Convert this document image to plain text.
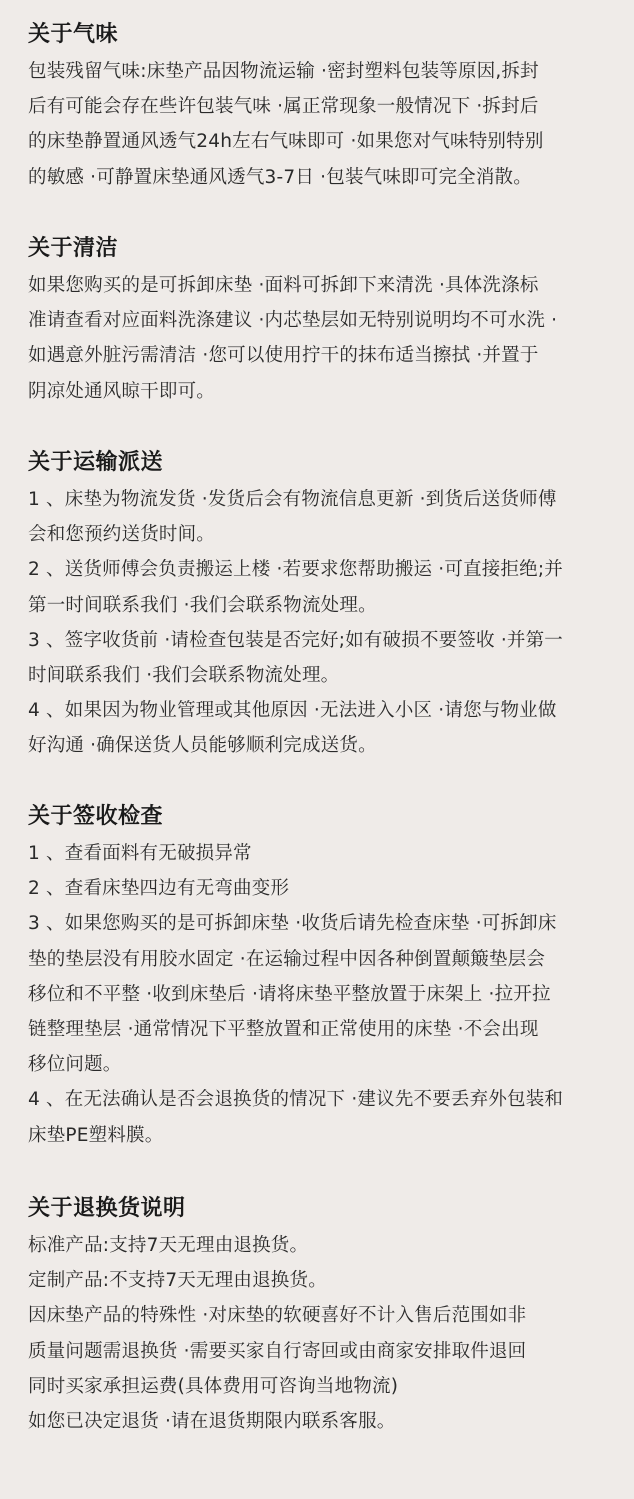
关于气味

包装残留气味:床垫产品因物流运输 ·密封塑料包装等原因,拆封

后有可能会存在些许包装气味 ·属正常现象一般情况下 ·拆封后

的床垫静置通风透气24h左右气味即可 ·如果您对气味特别特别

的敏感 ·可静置床垫通风透气3-7日 ·包装气味即可完全消散。

关于清洁

如果您购买的是可拆卸床垫 ·面料可拆卸下来清洗 ·具体洗涤标

准请查看对应面料洗涤建议 ·内芯垫层如无特别说明均不可水洗 ·

如遇意外脏污需清洁 ·您可以使用拧干的抹布适当擦拭 ·并置于

阴凉处通风晾干即可。

关于运输派送

1 、床垫为物流发货 ·发货后会有物流信息更新 ·到货后送货师傅

会和您预约送货时间。

2 、送货师傅会负责搬运上楼 ·若要求您帮助搬运 ·可直接拒绝;并

第一时间联系我们 ·我们会联系物流处理。

3 、签字收货前 ·请检查包装是否完好;如有破损不要签收 ·并第一

时间联系我们 ·我们会联系物流处理。

4 、如果因为物业管理或其他原因 ·无法进入小区 ·请您与物业做

好沟通 ·确保送货人员能够顺利完成送货。

关于签收检查

1 、查看面料有无破损异常

2 、查看床垫四边有无弯曲变形

3 、如果您购买的是可拆卸床垫 ·收货后请先检查床垫 ·可拆卸床

垫的垫层没有用胶水固定 ·在运输过程中因各种倒置颠簸垫层会

移位和不平整 ·收到床垫后 ·请将床垫平整放置于床架上 ·拉开拉

链整理垫层 ·通常情况下平整放置和正常使用的床垫 ·不会出现

移位问题。

4 、在无法确认是否会退换货的情况下 ·建议先不要丢弃外包装和

床垫PE塑料膜。

关于退换货说明

标准产品:支持7天无理由退换货。

定制产品:不支持7天无理由退换货。

因床垫产品的特殊性 ·对床垫的软硬喜好不计入售后范围如非

质量问题需退换货 ·需要买家自行寄回或由商家安排取件退回

同时买家承担运费(具体费用可咨询当地物流)

如您已决定退货 ·请在退货期限内联系客服。
